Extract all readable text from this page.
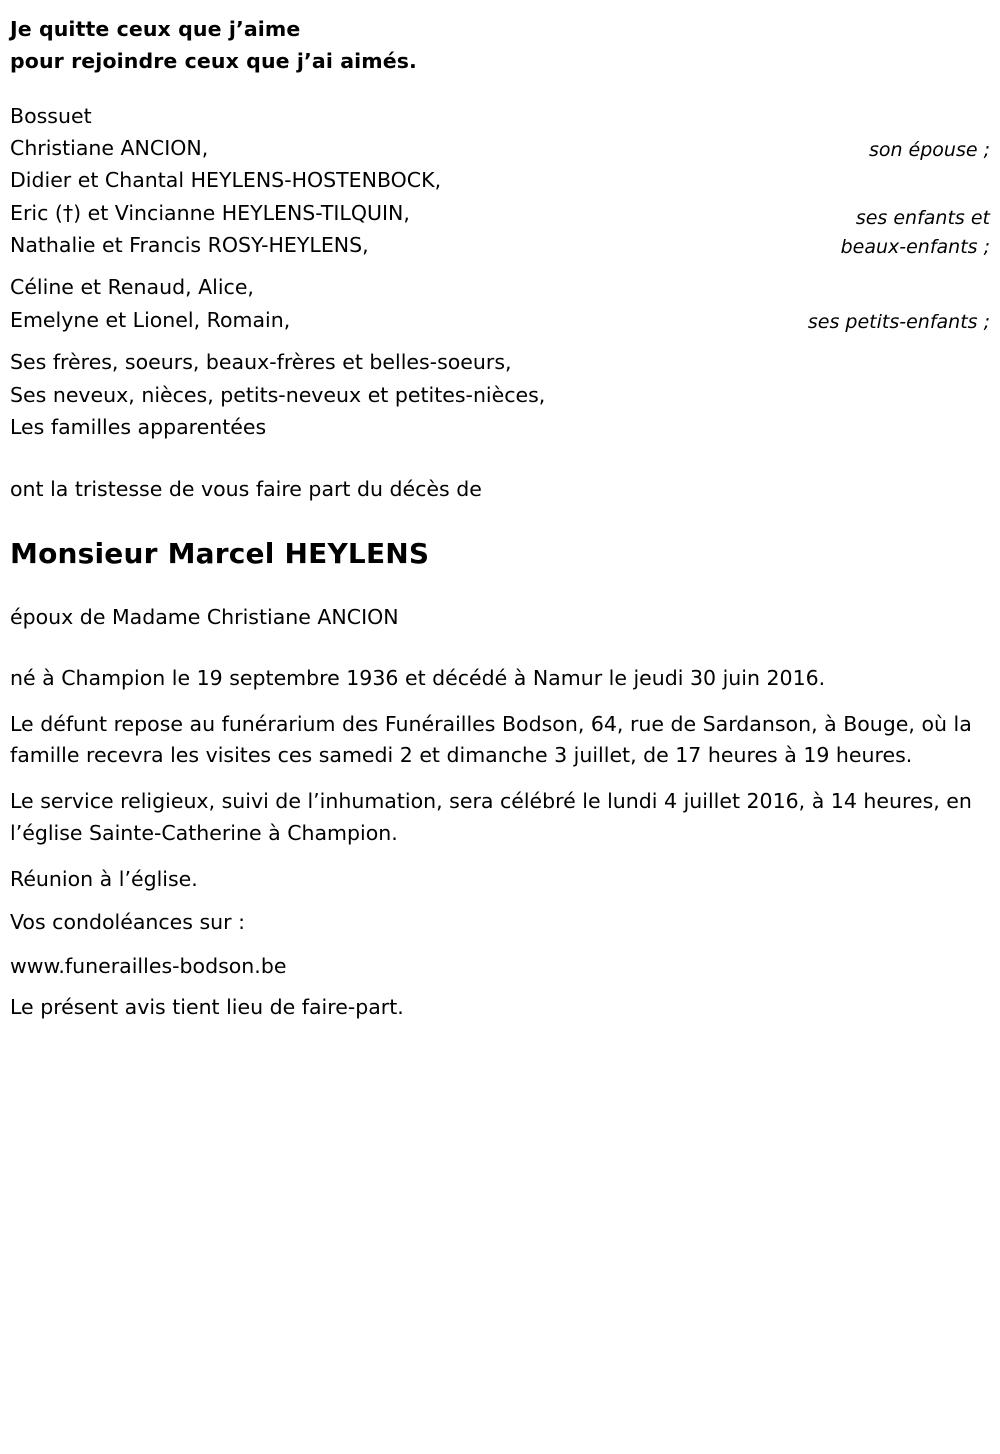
Je quitte ceux que j’aime
pour rejoindre ceux que j’ai aimés.
Bossuet
Christiane ANCION,	son épouse ;
Didier et Chantal HEYLENS-HOSTENBOCK,
Eric (†) et Vincianne HEYLENS-TILQUIN,
Nathalie et Francis ROSY-HEYLENS,
ses enfants et
beaux-enfants ;
Céline et Renaud, Alice,
Emelyne et Lionel, Romain,	ses petits-enfants ;
Ses frères, soeurs, beaux-frères et belles-soeurs,
Ses neveux, nièces, petits-neveux et petites-nièces,
Les familles apparentées
ont la tristesse de vous faire part du décès de
Monsieur Marcel HEYLENS
époux de Madame Christiane ANCION
né à Champion le 19 septembre 1936 et décédé à Namur le jeudi 30 juin 2016.
Le défunt repose au funérarium des Funérailles Bodson, 64, rue de Sardanson, à Bouge, où la famille recevra les visites ces samedi 2 et dimanche 3 juillet, de 17 heures à 19 heures.
Le service religieux, suivi de l’inhumation, sera célébré le lundi 4 juillet 2016, à 14 heures, en l’église Sainte-Catherine à Champion.
Réunion à l’église.
Vos condoléances sur :
www.funerailles-bodson.be
Le présent avis tient lieu de faire-part.
